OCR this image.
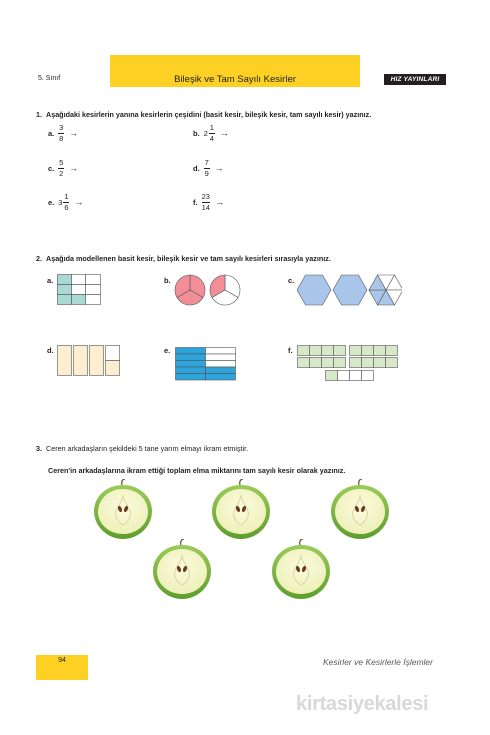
5. Sınıf	Bileşik ve Tam Sayılı Kesirler	HIZ YAYINLARI
1. Aşağıdaki kesirlerin yanına kesirlerin çeşidini (basit kesir, bileşik kesir, tam sayılı kesir) yazınız.
a. $\frac{3}{8}$ →	b. $2 \frac{1}{4}$ →
c. $\frac{5}{2}$ →	d. $\frac{7}{9}$ →
e. $3 \frac{1}{6}$ →	f. $\frac{23}{14}$ →
2. Aşağıda modellenen basit kesir, bileşik kesir ve tam sayılı kesirleri sırasıyla yazınız.
a.	b.	c.
d.	e.	f.
3. Ceren arkadaşların şekildeki 5 tane yarım elmayı ikram etmiştir.
Ceren'in arkadaşlarına ikram ettiği toplam elma miktarını tam sayılı kesir olarak yazınız.
94	Kesirler ve Kesirlerle İşlemler
kirtasiyekalesi
